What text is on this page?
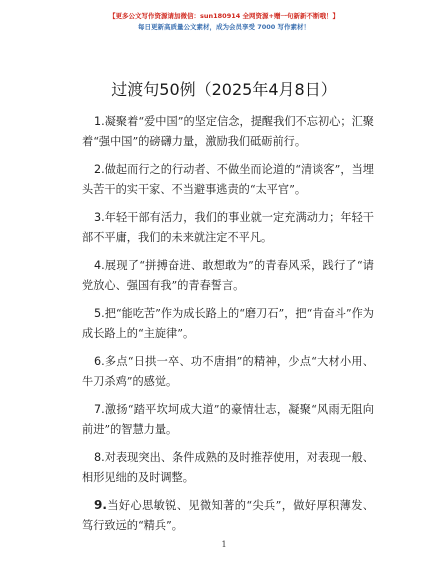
【更多公文写作资源请加微信：sun180914 全网资源+赠一句新新不断哦！】
每日更新高质量公文素材，成为会员享受 7000 写作素材！
过渡句50例（2025年4月8日）

1.凝聚着“爱中国”的坚定信念，提醒我们不忘初心；汇聚着“强中国”的磅礴力量，激励我们砥砺前行。

2.做起而行之的行动者、不做坐而论道的“清谈客”，当埋头苦干的实干家、不当避事逃责的“太平官”。

3.年轻干部有活力，我们的事业就一定充满动力；年轻干部不平庸，我们的未来就注定不平凡。

4.展现了“拼搏奋进、敢想敢为”的青春风采，践行了“请党放心、强国有我”的青春誓言。

5.把“能吃苦”作为成长路上的“磨刀石”，把“肯奋斗”作为成长路上的“主旋律”。

6.多点“日拱一卒、功不唐捐”的精神，少点“大材小用、牛刀杀鸡”的感觉。

7.激扬“踏平坎坷成大道”的豪情壮志，凝聚“风雨无阻向前进”的智慧力量。

8.对表现突出、条件成熟的及时推荐使用，对表现一般、相形见绌的及时调整。

9.当好心思敏锐、见微知著的“尖兵”，做好厚积薄发、笃行致远的“精兵”。

1
